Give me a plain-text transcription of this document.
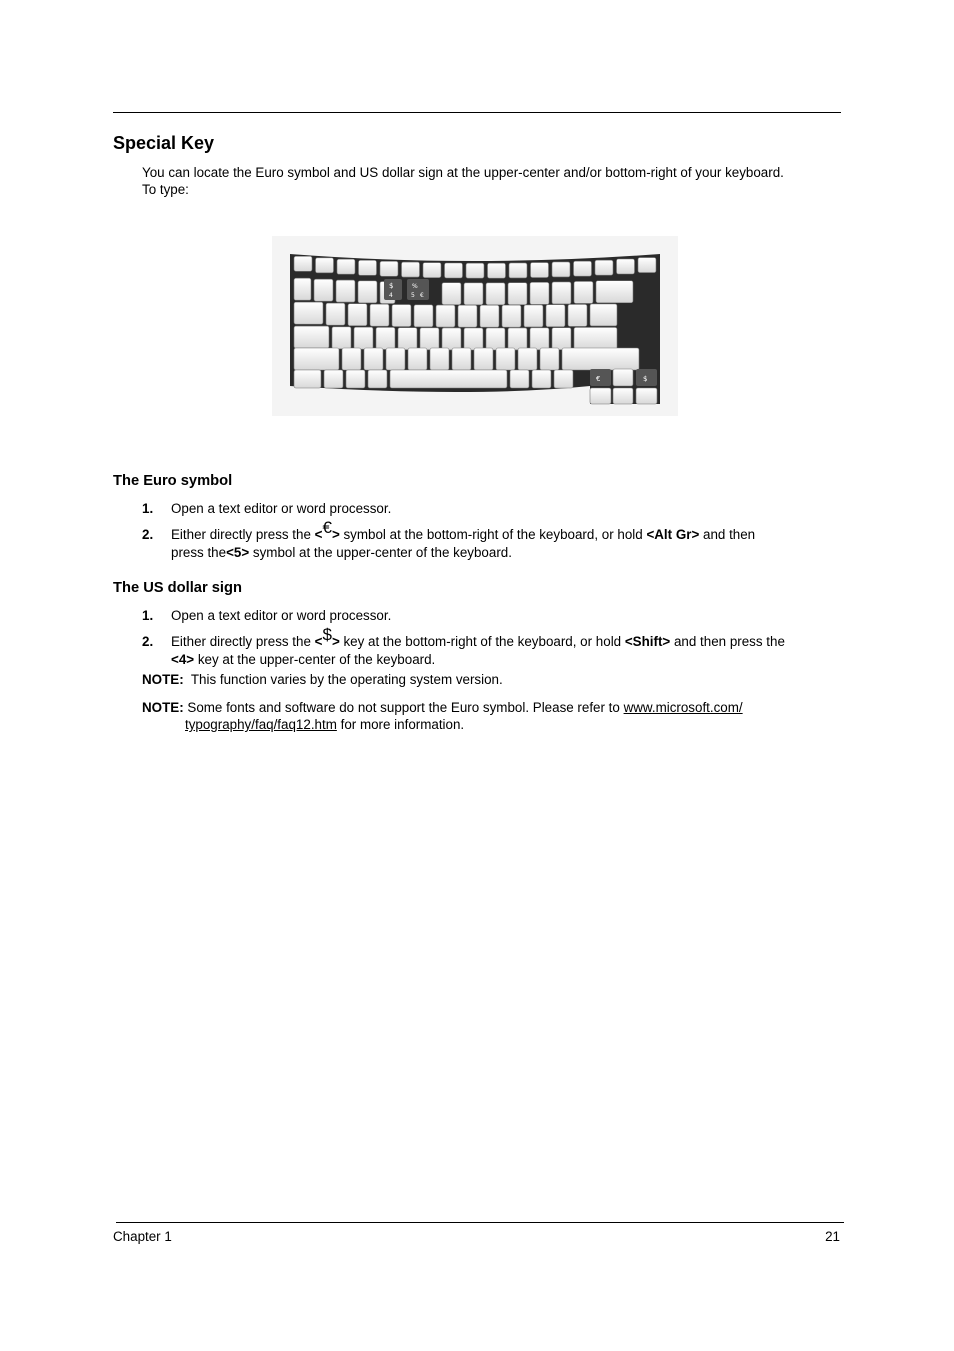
Special Key

You can locate the Euro symbol and US dollar sign at the upper-center and/or bottom-right of your keyboard.
To type:

$
4
%
5 €
€	$
The Euro symbol
1. Open a text editor or word processor.
2. Either directly press the <€> symbol at the bottom-right of the keyboard, or hold <Alt Gr> and then
press the<5> symbol at the upper-center of the keyboard.
The US dollar sign
1. Open a text editor or word processor.
2. Either directly press the <$> key at the bottom-right of the keyboard, or hold <Shift> and then press the
<4> key at the upper-center of the keyboard.
NOTE: This function varies by the operating system version.
NOTE: Some fonts and software do not support the Euro symbol. Please refer to www.microsoft.com/
typography/faq/faq12.htm for more information.
Chapter 1	21
